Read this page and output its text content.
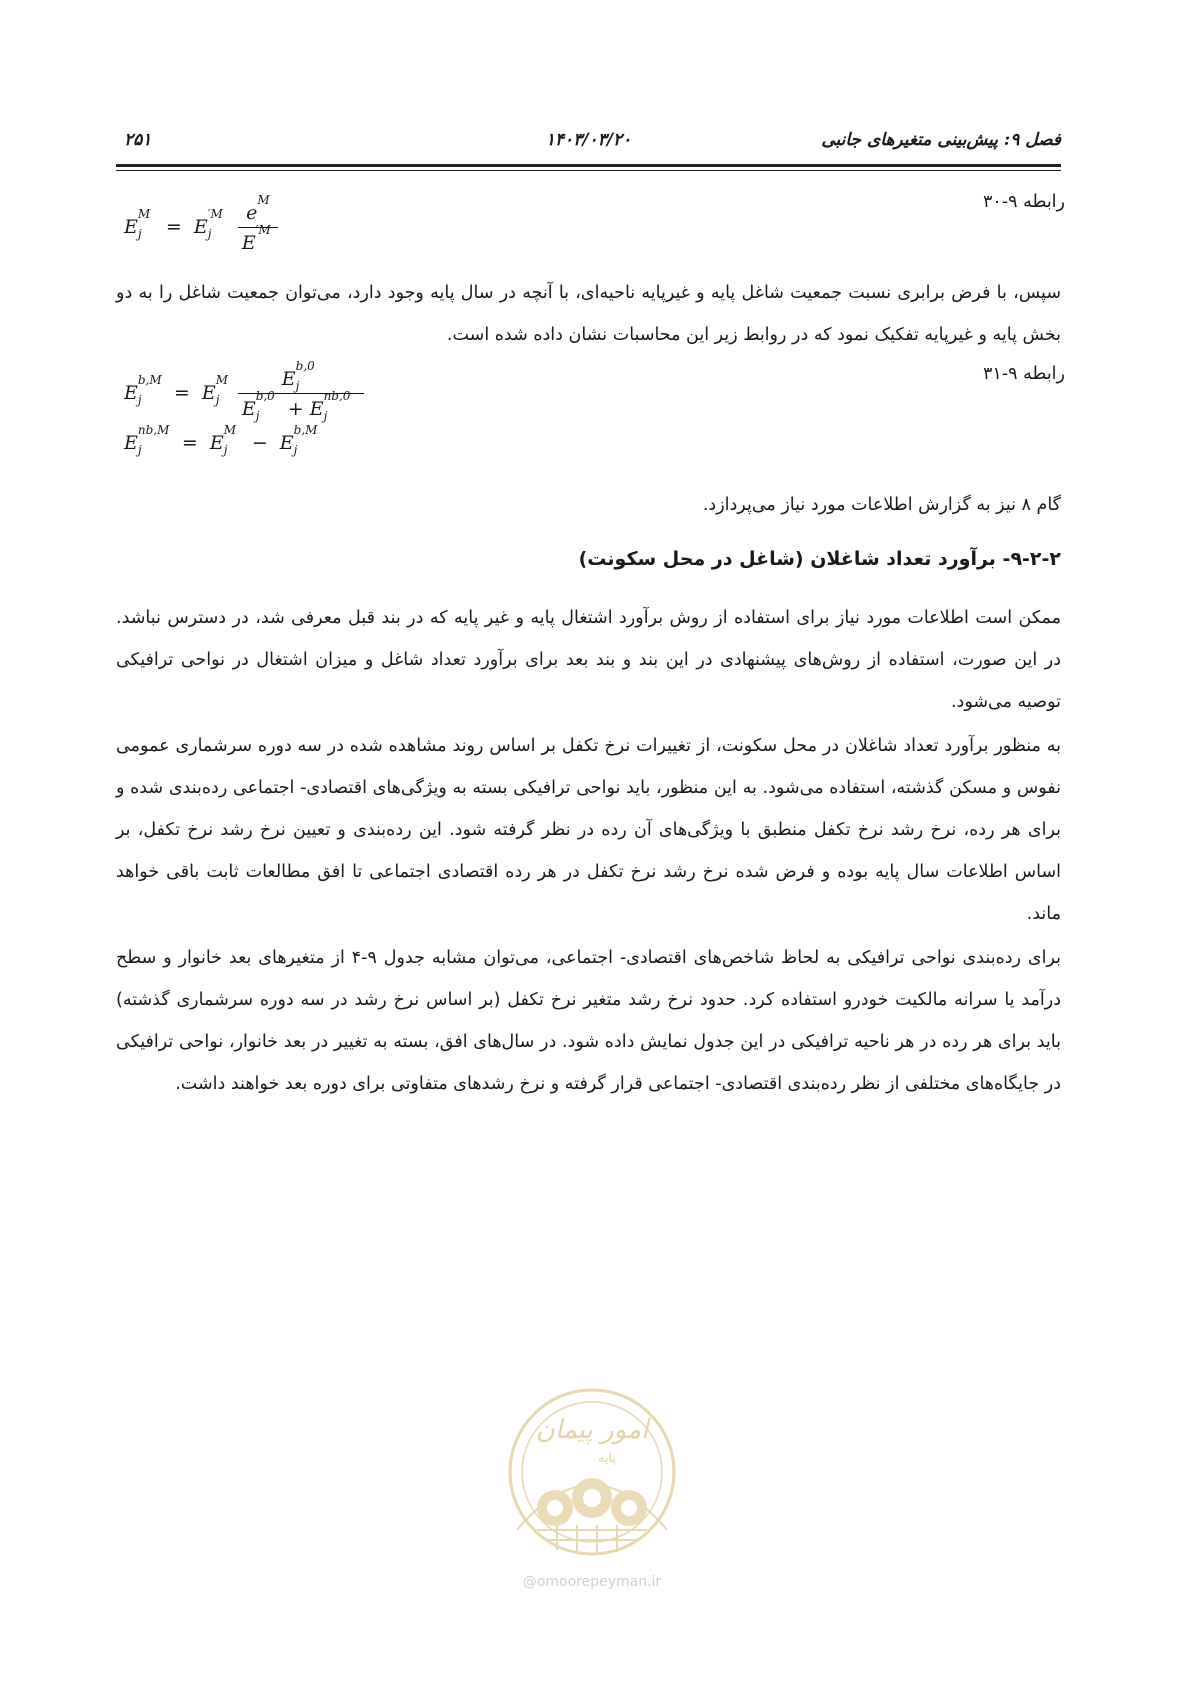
فصل ۹: پیش‌بینی متغیرهای جانبی
۱۴۰۳/۰۳/۲۰
۲۵۱
رابطه ۹-۳۰
E
M
j = E
′M
j
e
M

E
′M

سپس، با فرض برابری نسبت جمعیت شاغل پایه و غیرپایه ناحیه‌ای، با آنچه در سال پایه وجود دارد، می‌توان جمعیت شاغل را به دو بخش پایه و غیرپایه تفکیک نمود که در روابط زیر این محاسبات نشان داده شده است.

رابطه ۹-۳۱
E
b,M
j = E
M
j
E
b,0
j

E
b,0
j + E
nb,0
j

E
nb,M
j = E
M
j − E
b,M
j

گام ۸ نیز به گزارش اطلاعات مورد نیاز می‌پردازد.

۹-۲-۲- برآورد تعداد شاغلان (شاغل در محل سکونت)

ممکن است اطلاعات مورد نیاز برای استفاده از روش برآورد اشتغال پایه و غیر پایه که در بند قبل معرفی شد، در دسترس نباشد. در این صورت، استفاده از روش‌های پیشنهادی در این بند و بند بعد برای برآورد تعداد شاغل و میزان اشتغال در نواحی ترافیکی توصیه می‌شود.

به منظور برآورد تعداد شاغلان در محل سکونت، از تغییرات نرخ تکفل بر اساس روند مشاهده شده در سه دوره سرشماری عمومی نفوس و مسکن گذشته، استفاده می‌شود. به این منظور، باید نواحی ترافیکی بسته به ویژگی‌های اقتصادی- اجتماعی رده‌بندی شده و برای هر رده، نرخ رشد نرخ تکفل منطبق با ویژگی‌های آن رده در نظر گرفته شود. این رده‌بندی و تعیین نرخ رشد نرخ تکفل، بر اساس اطلاعات سال پایه بوده و فرض شده نرخ رشد نرخ تکفل در هر رده اقتصادی اجتماعی تا افق مطالعات ثابت باقی خواهد ماند.

برای رده‌بندی نواحی ترافیکی به لحاظ شاخص‌های اقتصادی- اجتماعی، می‌توان مشابه جدول ۹-۴ از متغیرهای بعد خانوار و سطح درآمد یا سرانه مالکیت خودرو استفاده کرد. حدود نرخ رشد متغیر نرخ تکفل (بر اساس نرخ رشد در سه دوره سرشماری گذشته) باید برای هر رده در هر ناحیه ترافیکی در این جدول نمایش داده شود. در سال‌های افق، بسته به تغییر در بعد خانوار، نواحی ترافیکی در جایگاه‌های مختلفی از نظر رده‌بندی اقتصادی- اجتماعی قرار گرفته و نرخ رشدهای متفاوتی برای دوره بعد خواهند داشت.

امور پیمان
پایه
@omoorepeyman.ir
